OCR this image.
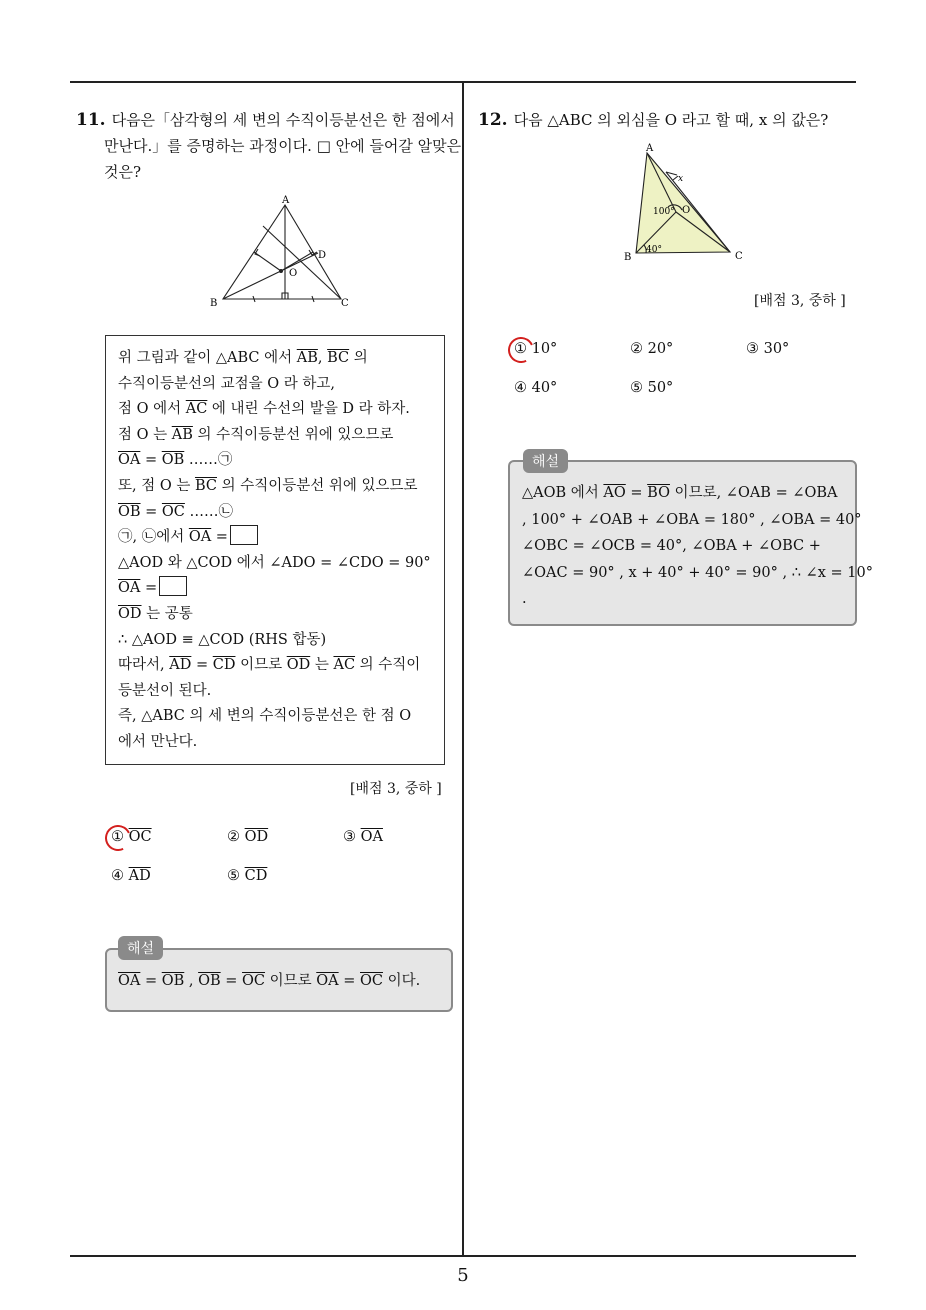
11. 다음은「삼각형의 세 변의 수직이등분선은 한 점에서
만난다.」를 증명하는 과정이다. □ 안에 들어갈 알맞은
것은?
A
B	C
D
O
위 그림과 같이 △ABC 에서 $\overline{AB}$, $\overline{BC}$ 의
수직이등분선의 교점을 O 라 하고,
점 O 에서 $\overline{AC}$ 에 내린 수선의 발을 D 라 하자.
점 O 는 $\overline{AB}$ 의 수직이등분선 위에 있으므로
$\overline{OA} = \overline{OB}$ ……㉠
또, 점 O 는 $\overline{BC}$ 의 수직이등분선 위에 있으므로
$\overline{OB} = \overline{OC}$ ……㉡
㉠, ㉡에서 $\overline{OA}$ =
△AOD 와 △COD 에서 ∠ADO = ∠CDO = 90°
$\overline{OA}$ =
$\overline{OD}$ 는 공통
∴ △AOD ≡ △COD (RHS 합동)
따라서, $\overline{AD} = \overline{CD}$ 이므로 $\overline{OD}$ 는 $\overline{AC}$ 의 수직이
등분선이 된다.
즉, △ABC 의 세 변의 수직이등분선은 한 점 O
에서 만난다.
[배점 3, 중하 ]
① $\overline{OC}$	② $\overline{OD}$	③ $\overline{OA}$
④ $\overline{AD}$	⑤ $\overline{CD}$
해설
$\overline{OA} = \overline{OB}$ , $\overline{OB} = \overline{OC}$ 이므로 $\overline{OA} = \overline{OC}$ 이다.
12. 다음 △ABC 의 외심을 O 라고 할 때, x 의 값은?
A
B	C
O
x
100°
40°
[배점 3, 중하 ]
① 10°	② 20°	③ 30°
④ 40°	⑤ 50°
해설
△AOB 에서 $\overline{AO} = \overline{BO}$ 이므로, ∠OAB = ∠OBA
, 100° + ∠OAB + ∠OBA = 180° , ∠OBA = 40°
∠OBC = ∠OCB = 40°, ∠OBA + ∠OBC +
∠OAC = 90° , x + 40° + 40° = 90° , ∴ ∠x = 10°
.
5
